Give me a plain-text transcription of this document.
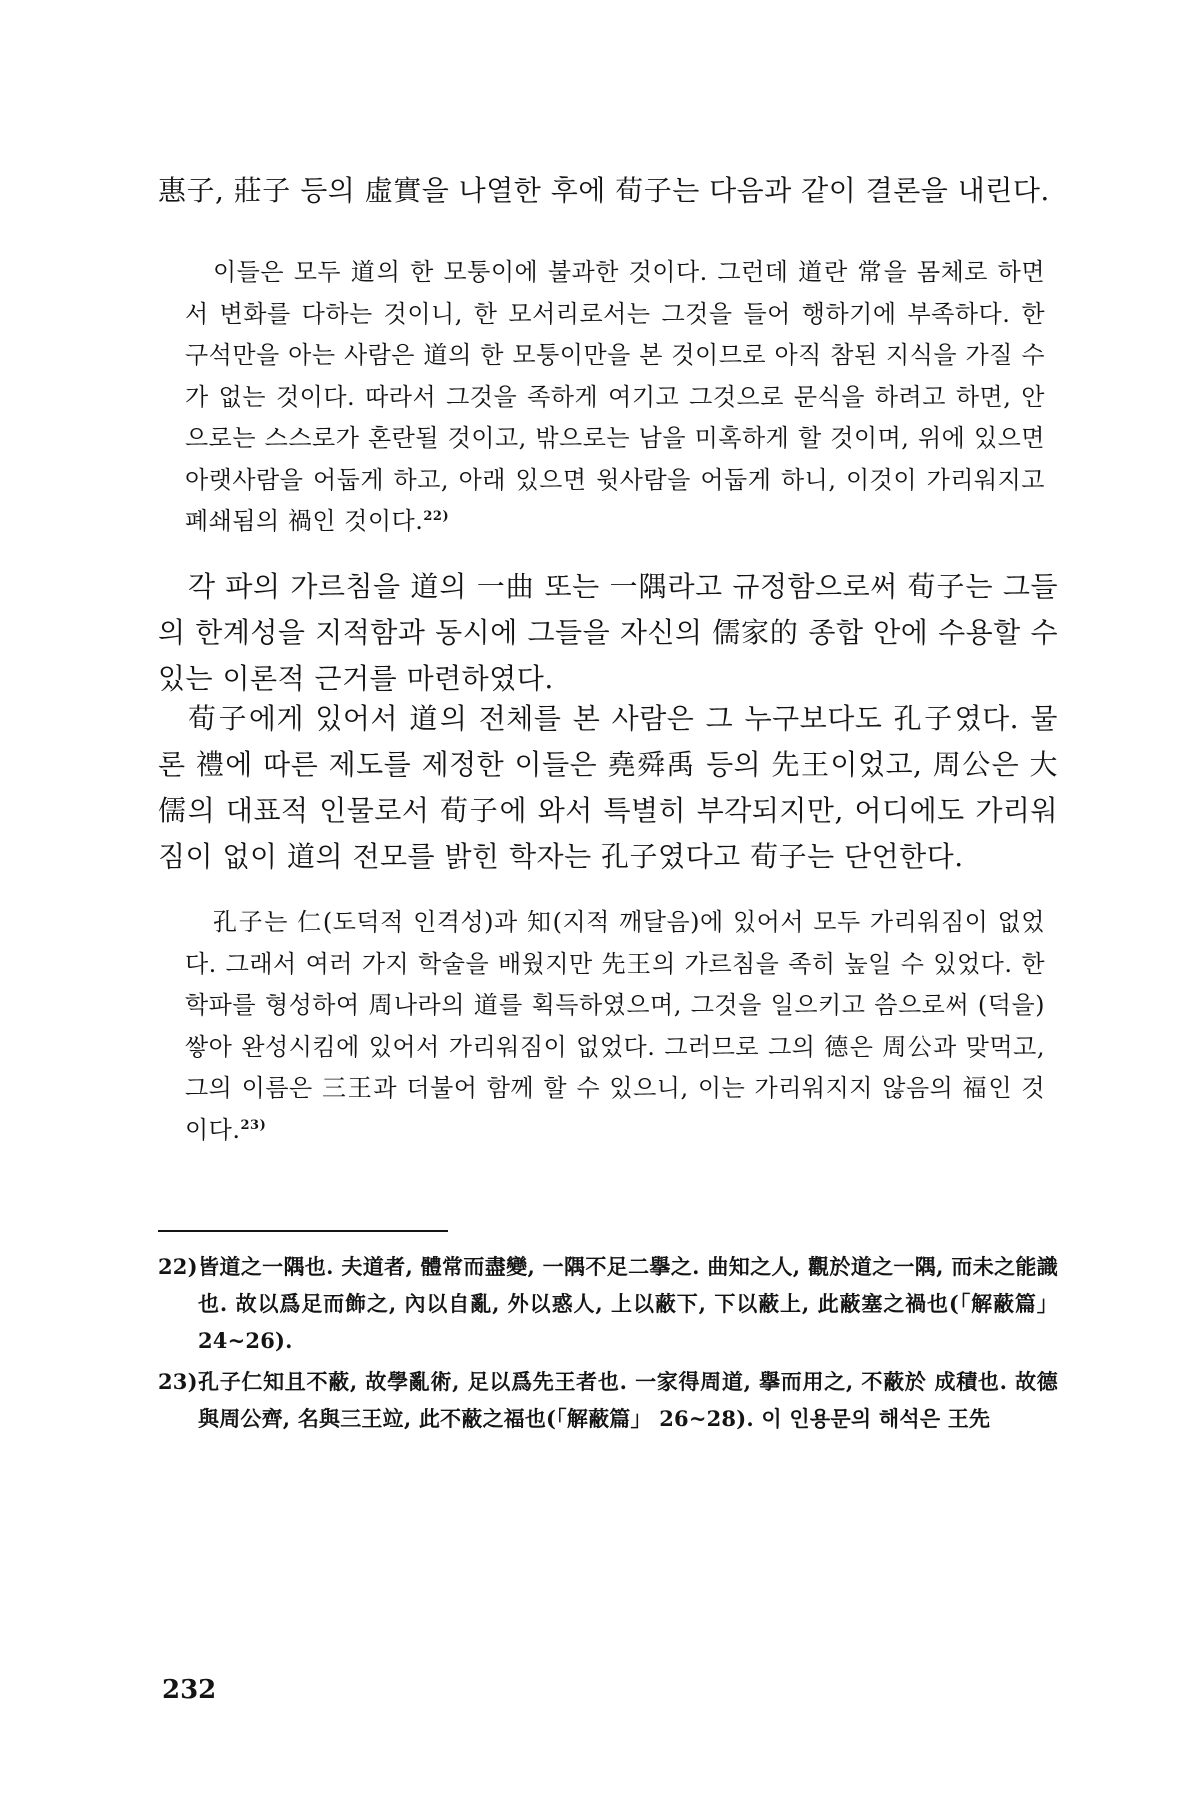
惠子, 莊子 등의 虛實을 나열한 후에 荀子는 다음과 같이 결론을 내린다.

이들은 모두 道의 한 모퉁이에 불과한 것이다. 그런데 道란 常을 몸체로 하면서 변화를 다하는 것이니, 한 모서리로서는 그것을 들어 행하기에 부족하다. 한 구석만을 아는 사람은 道의 한 모퉁이만을 본 것이므로 아직 참된 지식을 가질 수가 없는 것이다. 따라서 그것을 족하게 여기고 그것으로 문식을 하려고 하면, 안으로는 스스로가 혼란될 것이고, 밖으로는 남을 미혹하게 할 것이며, 위에 있으면 아랫사람을 어둡게 하고, 아래 있으면 윗사람을 어둡게 하니, 이것이 가리워지고 폐쇄됨의 禍인 것이다.$^{22)}$

각 파의 가르침을 道의 一曲 또는 一隅라고 규정함으로써 荀子는 그들의 한계성을 지적함과 동시에 그들을 자신의 儒家的 종합 안에 수용할 수 있는 이론적 근거를 마련하였다.

荀子에게 있어서 道의 전체를 본 사람은 그 누구보다도 孔子였다. 물론 禮에 따른 제도를 제정한 이들은 堯舜禹 등의 先王이었고, 周公은 大儒의 대표적 인물로서 荀子에 와서 특별히 부각되지만, 어디에도 가리워짐이 없이 道의 전모를 밝힌 학자는 孔子였다고 荀子는 단언한다.

孔子는 仁(도덕적 인격성)과 知(지적 깨달음)에 있어서 모두 가리워짐이 없었다. 그래서 여러 가지 학술을 배웠지만 先王의 가르침을 족히 높일 수 있었다. 한 학파를 형성하여 周나라의 道를 획득하였으며, 그것을 일으키고 씀으로써 (덕을) 쌓아 완성시킴에 있어서 가리워짐이 없었다. 그러므로 그의 德은 周公과 맞먹고, 그의 이름은 三王과 더불어 함께 할 수 있으니, 이는 가리워지지 않음의 福인 것이다.$^{23)}$

22) 皆道之一隅也. 夫道者, 體常而盡變, 一隅不足二擧之. 曲知之人, 觀於道之一隅, 而未之能識也. 故以爲足而飾之, 內以自亂, 外以惑人, 上以蔽下, 下以蔽上, 此蔽塞之禍也(「解蔽篇」 24~26).
23) 孔子仁知且不蔽, 故學亂術, 足以爲先王者也. 一家得周道, 擧而用之, 不蔽於 成積也. 故德與周公齊, 名與三王竝, 此不蔽之福也(「解蔽篇」 26~28). 이 인용문의 해석은 王先
232
